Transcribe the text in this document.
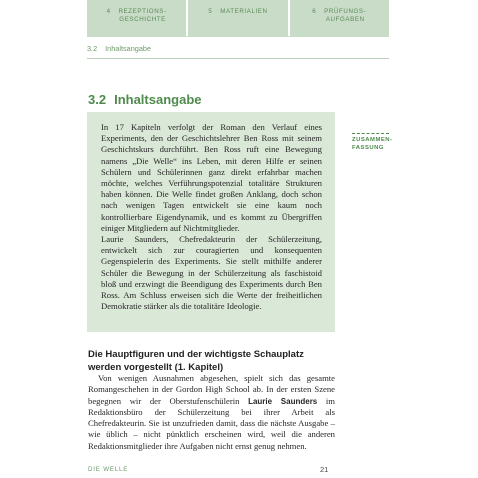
4 REZEPTIONS-
GESCHICHTE
5 MATERIALIEN	6 PRÜFUNGS-
AUFGABEN
3.2 Inhaltsangabe
3.2 Inhaltsangabe

In 17 Kapiteln verfolgt der Roman den Verlauf eines Experiments, den der Geschichtslehrer Ben Ross mit seinem Geschichtskurs durchführt. Ben Ross ruft eine Bewegung namens „Die Welle“ ins Leben, mit deren Hilfe er seinen Schülern und Schülerinnen ganz direkt erfahrbar machen möchte, welches Verführungspotenzial totalitäre Strukturen haben können. Die Welle findet großen Anklang, doch schon nach wenigen Tagen entwickelt sie eine kaum noch kontrollierbare Eigendynamik, und es kommt zu Übergriffen einiger Mitgliedern auf Nichtmitglieder.

Laurie Saunders, Chefredakteurin der Schülerzeitung, entwickelt sich zur couragierten und konsequenten Gegenspielerin des Experiments. Sie stellt mithilfe anderer Schüler die Bewegung in der Schülerzeitung als faschistoid bloß und erzwingt die Beendigung des Experiments durch Ben Ross. Am Schluss erweisen sich die Werte der freiheitlichen Demokratie stärker als die totalitäre Ideologie.

ZUSAMMEN-
FASSUNG
Die Hauptfiguren und der wichtigste Schauplatz
werden vorgestellt (1. Kapitel)

Von wenigen Ausnahmen abgesehen, spielt sich das gesamte Romangeschehen in der Gordon High School ab. In der ersten Szene begegnen wir der Oberstufenschülerin Laurie Saunders im Redaktionsbüro der Schülerzeitung bei ihrer Arbeit als Chefredakteurin. Sie ist unzufrieden damit, dass die nächste Ausgabe – wie üblich – nicht pünktlich erscheinen wird, weil die anderen Redaktionsmitglieder ihre Aufgaben nicht ernst genug nehmen.

DIE WELLE	21
